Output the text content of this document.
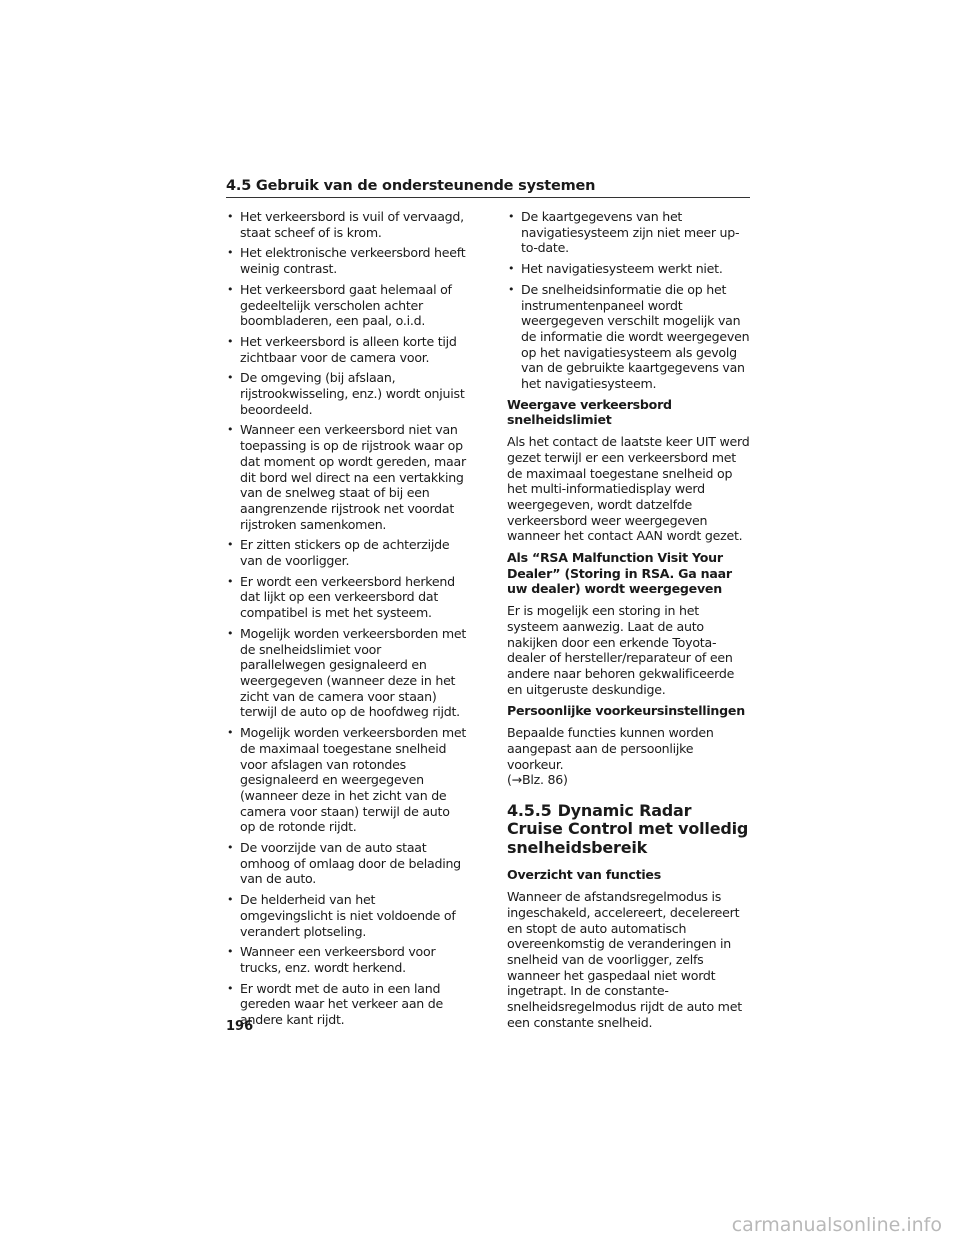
4.5 Gebruik van de ondersteunende systemen
• Het verkeersbord is vuil of vervaagd, staat scheef of is krom.
• Het elektronische verkeersbord heeft weinig contrast.
• Het verkeersbord gaat helemaal of gedeeltelijk verscholen achter boombladeren, een paal, o.i.d.
• Het verkeersbord is alleen korte tijd zichtbaar voor de camera voor.
• De omgeving (bij afslaan, rijstrookwisseling, enz.) wordt onjuist beoordeeld.
• Wanneer een verkeersbord niet van toepassing is op de rijstrook waar op dat moment op wordt gereden, maar dit bord wel direct na een vertakking van de snelweg staat of bij een aangrenzende rijstrook net voordat rijstroken samenkomen.
• Er zitten stickers op de achterzijde van de voorligger.
• Er wordt een verkeersbord herkend dat lijkt op een verkeersbord dat compatibel is met het systeem.
• Mogelijk worden verkeersborden met de snelheidslimiet voor parallelwegen gesignaleerd en weergegeven (wanneer deze in het zicht van de camera voor staan) terwijl de auto op de hoofdweg rijdt.
• Mogelijk worden verkeersborden met de maximaal toegestane snelheid voor afslagen van rotondes gesignaleerd en weergegeven (wanneer deze in het zicht van de camera voor staan) terwijl de auto op de rotonde rijdt.
• De voorzijde van de auto staat omhoog of omlaag door de belading van de auto.
• De helderheid van het omgevingslicht is niet voldoende of verandert plotseling.
• Wanneer een verkeersbord voor trucks, enz. wordt herkend.
• Er wordt met de auto in een land gereden waar het verkeer aan de andere kant rijdt.
• De kaartgegevens van het navigatiesysteem zijn niet meer up-to-date.
• Het navigatiesysteem werkt niet.
• De snelheidsinformatie die op het instrumentenpaneel wordt weergegeven verschilt mogelijk van de informatie die wordt weergegeven op het navigatiesysteem als gevolg van de gebruikte kaartgegevens van het navigatiesysteem.

Weergave verkeersbord snelheidslimiet

Als het contact de laatste keer UIT werd gezet terwijl er een verkeersbord met de maximaal toegestane snelheid op het multi-informatiedisplay werd weergegeven, wordt datzelfde verkeersbord weer weergegeven wanneer het contact AAN wordt gezet.

Als “RSA Malfunction Visit Your Dealer” (Storing in RSA. Ga naar uw dealer) wordt weergegeven

Er is mogelijk een storing in het systeem aanwezig. Laat de auto nakijken door een erkende Toyota-dealer of hersteller/reparateur of een andere naar behoren gekwalificeerde en uitgeruste deskundige.

Persoonlijke voorkeursinstellingen

Bepaalde functies kunnen worden aangepast aan de persoonlijke voorkeur.
(→Blz. 86)

4.5.5 Dynamic Radar Cruise Control met volledig snelheidsbereik

Overzicht van functies

Wanneer de afstandsregelmodus is ingeschakeld, accelereert, decelereert en stopt de auto automatisch overeenkomstig de veranderingen in snelheid van de voorligger, zelfs wanneer het gaspedaal niet wordt ingetrapt. In de constante-snelheidsregelmodus rijdt de auto met een constante snelheid.

196
carmanualsonline.info
